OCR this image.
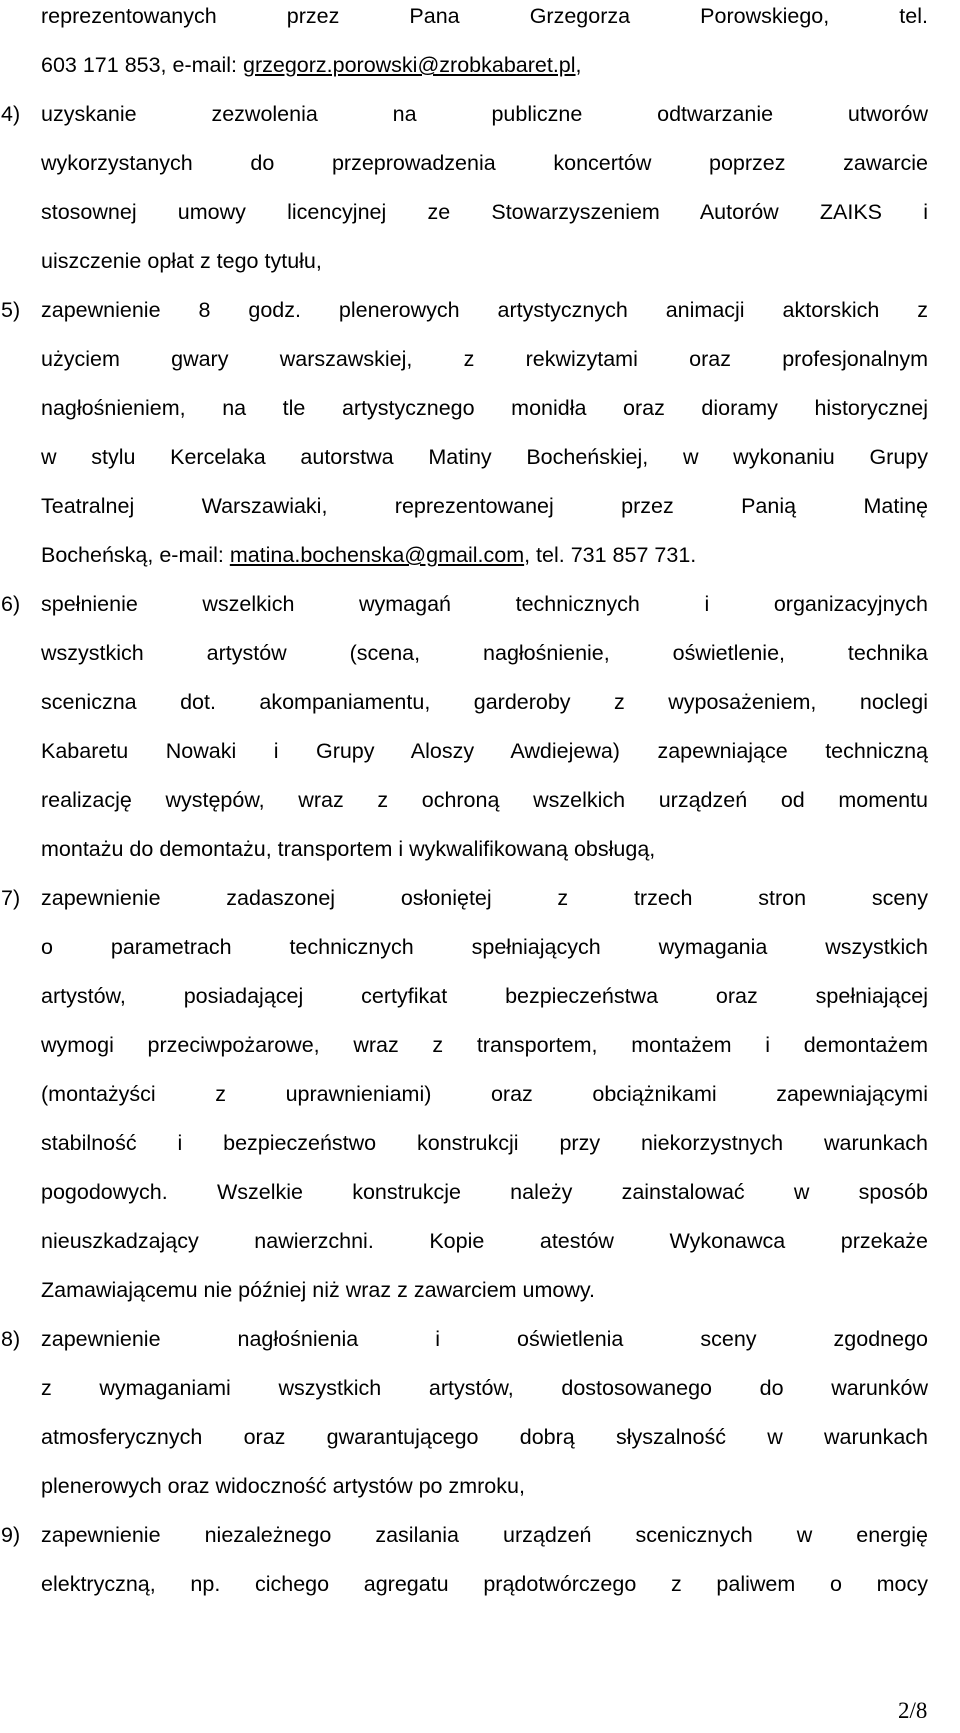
reprezentowanych przez Pana Grzegorza Porowskiego, tel.
603 171 853, e-mail: grzegorz.porowski@zrobkabaret.pl,
4) uzyskanie zezwolenia na publiczne odtwarzanie utworów
wykorzystanych do przeprowadzenia koncertów poprzez zawarcie
stosownej umowy licencyjnej ze Stowarzyszeniem Autorów ZAIKS i
uiszczenie opłat z tego tytułu,
5) zapewnienie 8 godz. plenerowych artystycznych animacji aktorskich z
użyciem gwary warszawskiej, z rekwizytami oraz profesjonalnym
nagłośnieniem, na tle artystycznego monidła oraz dioramy historycznej
w stylu Kercelaka autorstwa Matiny Bocheńskiej, w wykonaniu Grupy
Teatralnej Warszawiaki, reprezentowanej przez Panią Matinę
Bocheńską, e-mail: matina.bochenska@gmail.com, tel. 731 857 731.
6) spełnienie wszelkich wymagań technicznych i organizacyjnych
wszystkich artystów (scena, nagłośnienie, oświetlenie, technika
sceniczna dot. akompaniamentu, garderoby z wyposażeniem, noclegi
Kabaretu Nowaki i Grupy Aloszy Awdiejewa) zapewniające techniczną
realizację występów, wraz z ochroną wszelkich urządzeń od momentu
montażu do demontażu, transportem i wykwalifikowaną obsługą,
7) zapewnienie zadaszonej osłoniętej z trzech stron sceny
o parametrach technicznych spełniających wymagania wszystkich
artystów, posiadającej certyfikat bezpieczeństwa oraz spełniającej
wymogi przeciwpożarowe, wraz z transportem, montażem i demontażem
(montażyści z uprawnieniami) oraz obciążnikami zapewniającymi
stabilność i bezpieczeństwo konstrukcji przy niekorzystnych warunkach
pogodowych. Wszelkie konstrukcje należy zainstalować w sposób
nieuszkadzający nawierzchni. Kopie atestów Wykonawca przekaże
Zamawiającemu nie później niż wraz z zawarciem umowy.
8) zapewnienie nagłośnienia i oświetlenia sceny zgodnego
z wymaganiami wszystkich artystów, dostosowanego do warunków
atmosferycznych oraz gwarantującego dobrą słyszalność w warunkach
plenerowych oraz widoczność artystów po zmroku,
9) zapewnienie niezależnego zasilania urządzeń scenicznych w energię
elektryczną, np. cichego agregatu prądotwórczego z paliwem o mocy
2/8
